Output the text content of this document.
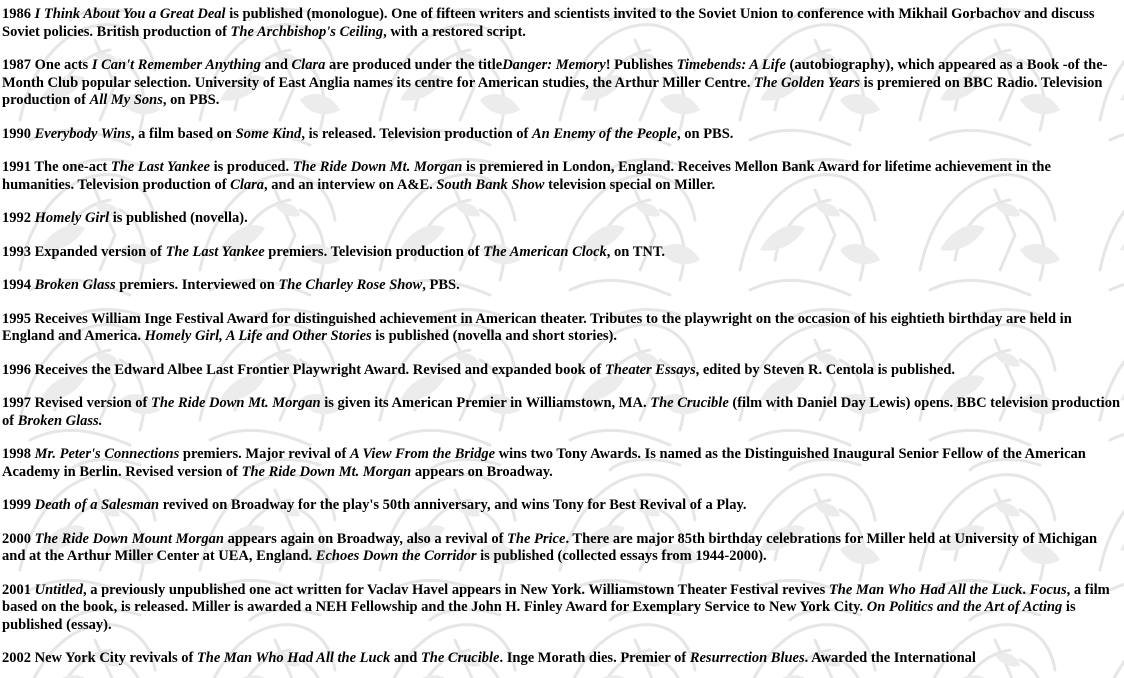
1986 I Think About You a Great Deal is published (monologue). One of fifteen writers and scientists invited to the Soviet Union to conference with Mikhail Gorbachov and discuss Soviet policies. British production of The Archbishop's Ceiling, with a restored script.

1987 One acts I Can't Remember Anything and Clara are produced under the titleDanger: Memory! Publishes Timebends: A Life (autobiography), which appeared as a Book -of the-Month Club popular selection. University of East Anglia names its centre for American studies, the Arthur Miller Centre. The Golden Years is premiered on BBC Radio. Television production of All My Sons, on PBS.

1990 Everybody Wins, a film based on Some Kind, is released. Television production of An Enemy of the People, on PBS.

1991 The one-act The Last Yankee is produced. The Ride Down Mt. Morgan is premiered in London, England. Receives Mellon Bank Award for lifetime achievement in the humanities. Television production of Clara, and an interview on A&E. South Bank Show television special on Miller.

1992 Homely Girl is published (novella).

1993 Expanded version of The Last Yankee premiers. Television production of The American Clock, on TNT.

1994 Broken Glass premiers. Interviewed on The Charley Rose Show, PBS.

1995 Receives William Inge Festival Award for distinguished achievement in American theater. Tributes to the playwright on the occasion of his eightieth birthday are held in England and America. Homely Girl, A Life and Other Stories is published (novella and short stories).

1996 Receives the Edward Albee Last Frontier Playwright Award. Revised and expanded book of Theater Essays, edited by Steven R. Centola is published.

1997 Revised version of The Ride Down Mt. Morgan is given its American Premier in Williamstown, MA. The Crucible (film with Daniel Day Lewis) opens. BBC television production of Broken Glass.

1998 Mr. Peter's Connections premiers. Major revival of A View From the Bridge wins two Tony Awards. Is named as the Distinguished Inaugural Senior Fellow of the American Academy in Berlin. Revised version of The Ride Down Mt. Morgan appears on Broadway.

1999 Death of a Salesman revived on Broadway for the play's 50th anniversary, and wins Tony for Best Revival of a Play.

2000 The Ride Down Mount Morgan appears again on Broadway, also a revival of The Price. There are major 85th birthday celebrations for Miller held at University of Michigan and at the Arthur Miller Center at UEA, England. Echoes Down the Corridor is published (collected essays from 1944-2000).

2001 Untitled, a previously unpublished one act written for Vaclav Havel appears in New York. Williamstown Theater Festival revives The Man Who Had All the Luck. Focus, a film based on the book, is released. Miller is awarded a NEH Fellowship and the John H. Finley Award for Exemplary Service to New York City. On Politics and the Art of Acting is published (essay).

2002 New York City revivals of The Man Who Had All the Luck and The Crucible. Inge Morath dies. Premier of Resurrection Blues. Awarded the International
